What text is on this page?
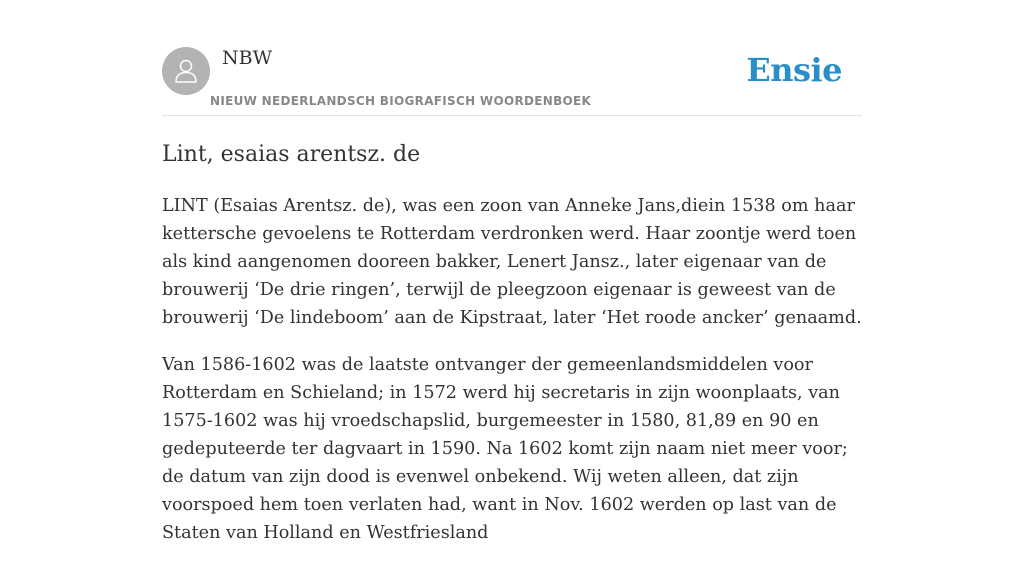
NBW
NIEUW NEDERLANDSCH BIOGRAFISCH WOORDENBOEK
Ensie
Lint, esaias arentsz. de

LINT (Esaias Arentsz. de), was een zoon van Anneke Jans,diein 1538 om haar kettersche gevoelens te Rotterdam verdronken werd. Haar zoontje werd toen als kind aangenomen dooreen bakker, Lenert Jansz., later eigenaar van de brouwerij ‘De drie ringen’, terwijl de pleegzoon eigenaar is geweest van de brouwerij ‘De lindeboom’ aan de Kipstraat, later ‘Het roode ancker’ genaamd.

Van 1586-1602 was de laatste ontvanger der gemeenlandsmiddelen voor Rotterdam en Schieland; in 1572 werd hij secretaris in zijn woonplaats, van 1575-1602 was hij vroedschapslid, burgemeester in 1580, 81,89 en 90 en gedeputeerde ter dagvaart in 1590. Na 1602 komt zijn naam niet meer voor; de datum van zijn dood is evenwel onbekend. Wij weten alleen, dat zijn voorspoed hem toen verlaten had, want in Nov. 1602 werden op last van de Staten van Holland en Westfriesland
